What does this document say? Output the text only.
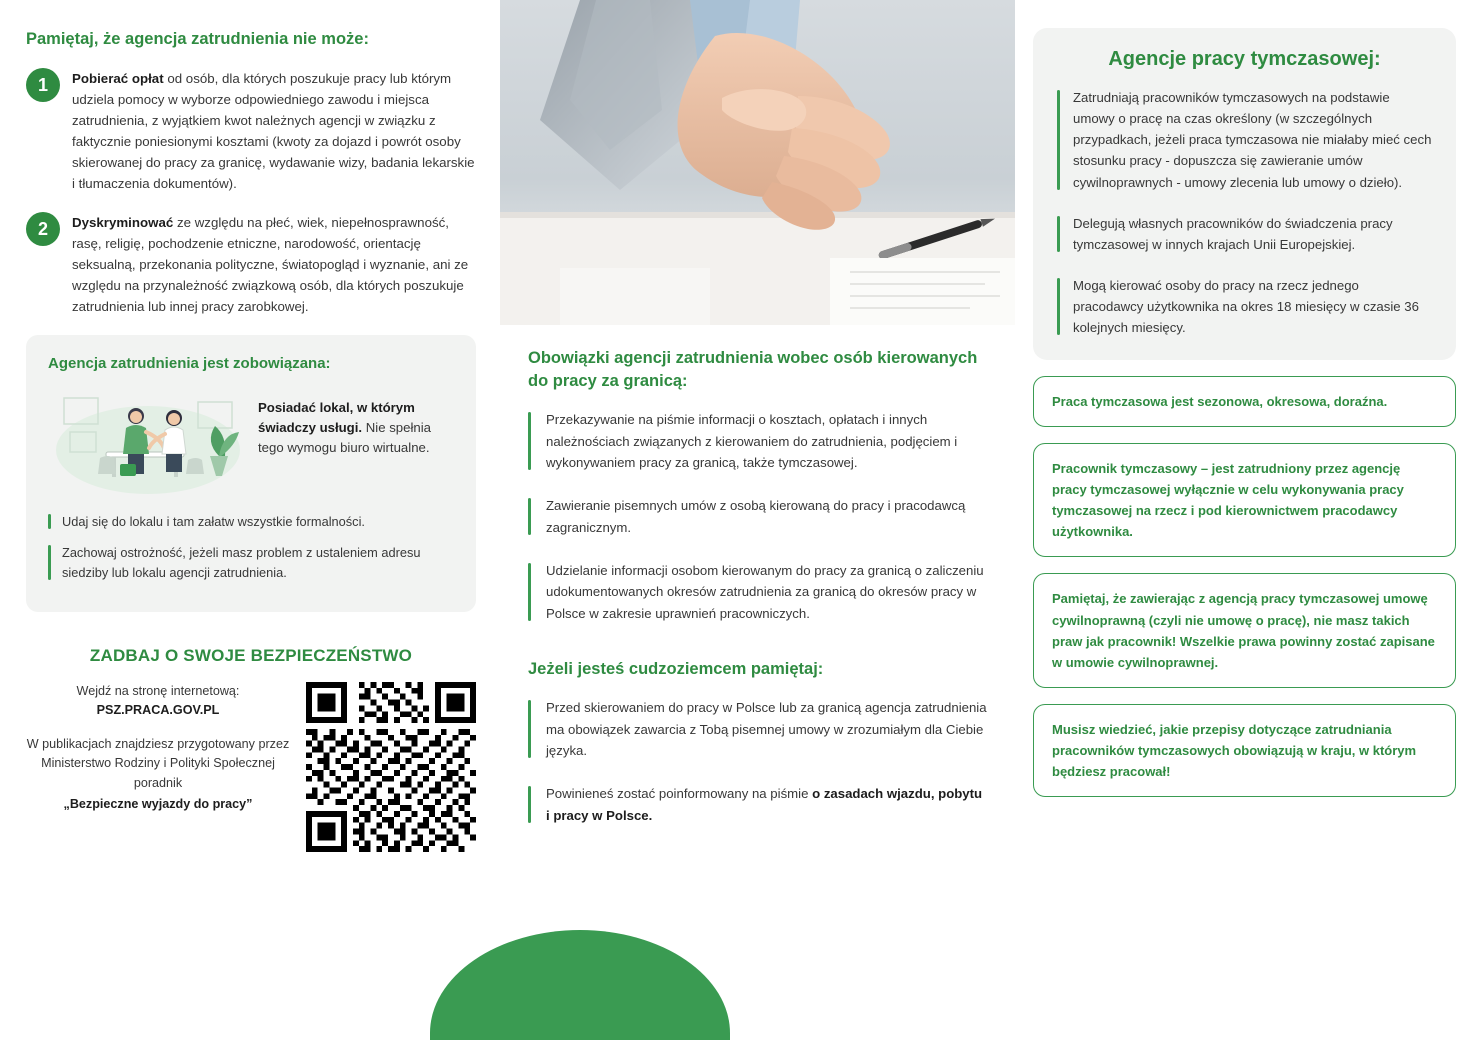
Pamiętaj, że agencja zatrudnienia nie może:
1	Pobierać opłat od osób, dla których poszukuje pracy lub którym udziela pomocy w wyborze odpowiedniego zawodu i miejsca zatrudnienia, z wyjątkiem kwot należnych agencji w związku z faktycznie poniesionymi kosztami (kwoty za dojazd i powrót osoby skierowanej do pracy za granicę, wydawanie wizy, badania lekarskie i tłumaczenia dokumentów).
2	Dyskryminować ze względu na płeć, wiek, niepełnosprawność, rasę, religię, pochodzenie etniczne, narodowość, orientację seksualną, przekonania polityczne, światopogląd i wyznanie, ani ze względu na przynależność związkową osób, dla których poszukuje zatrudnienia lub innej pracy zarobkowej.
Agencja zatrudnienia jest zobowiązana:
Posiadać lokal, w którym świadczy usługi. Nie spełnia tego wymogu biuro wirtualne.
Udaj się do lokalu i tam załatw wszystkie formalności.
Zachowaj ostrożność, jeżeli masz problem z ustaleniem adresu siedziby lub lokalu agencji zatrudnienia.
ZADBAJ O SWOJE BEZPIECZEŃSTWO
Wejdź na stronę internetową:
PSZ.PRACA.GOV.PL
W publikacjach znajdziesz przygotowany przez Ministerstwo Rodziny i Polityki Społecznej poradnik
„Bezpieczne wyjazdy do pracy”
Obowiązki agencji zatrudnienia wobec osób kierowanych do pracy za granicą:
Przekazywanie na piśmie informacji o kosztach, opłatach i innych należnościach związanych z kierowaniem do zatrudnienia, podjęciem i wykonywaniem pracy za granicą, także tymczasowej.
Zawieranie pisemnych umów z osobą kierowaną do pracy i pracodawcą zagranicznym.
Udzielanie informacji osobom kierowanym do pracy za granicą o zaliczeniu udokumentowanych okresów zatrudnienia za granicą do okresów pracy w Polsce w zakresie uprawnień pracowniczych.
Jeżeli jesteś cudzoziemcem pamiętaj:
Przed skierowaniem do pracy w Polsce lub za granicą agencja zatrudnienia ma obowiązek zawarcia z Tobą pisemnej umowy w zrozumiałym dla Ciebie języka.
Powinieneś zostać poinformowany na piśmie o zasadach wjazdu, pobytu i pracy w Polsce.
Agencje pracy tymczasowej:
Zatrudniają pracowników tymczasowych na podstawie umowy o pracę na czas określony (w szczególnych przypadkach, jeżeli praca tymczasowa nie miałaby mieć cech stosunku pracy - dopuszcza się zawieranie umów cywilnoprawnych - umowy zlecenia lub umowy o dzieło).
Delegują własnych pracowników do świadczenia pracy tymczasowej w innych krajach Unii Europejskiej.
Mogą kierować osoby do pracy na rzecz jednego pracodawcy użytkownika na okres 18 miesięcy w czasie 36 kolejnych miesięcy.
Praca tymczasowa jest sezonowa, okresowa, doraźna.
Pracownik tymczasowy – jest zatrudniony przez agencję pracy tymczasowej wyłącznie w celu wykonywania pracy tymczasowej na rzecz i pod kierownictwem pracodawcy użytkownika.
Pamiętaj, że zawierając z agencją pracy tymczasowej umowę cywilnoprawną (czyli nie umowę o pracę), nie masz takich praw jak pracownik! Wszelkie prawa powinny zostać zapisane w umowie cywilnoprawnej.
Musisz wiedzieć, jakie przepisy dotyczące zatrudniania pracowników tymczasowych obowiązują w kraju, w którym będziesz pracował!
